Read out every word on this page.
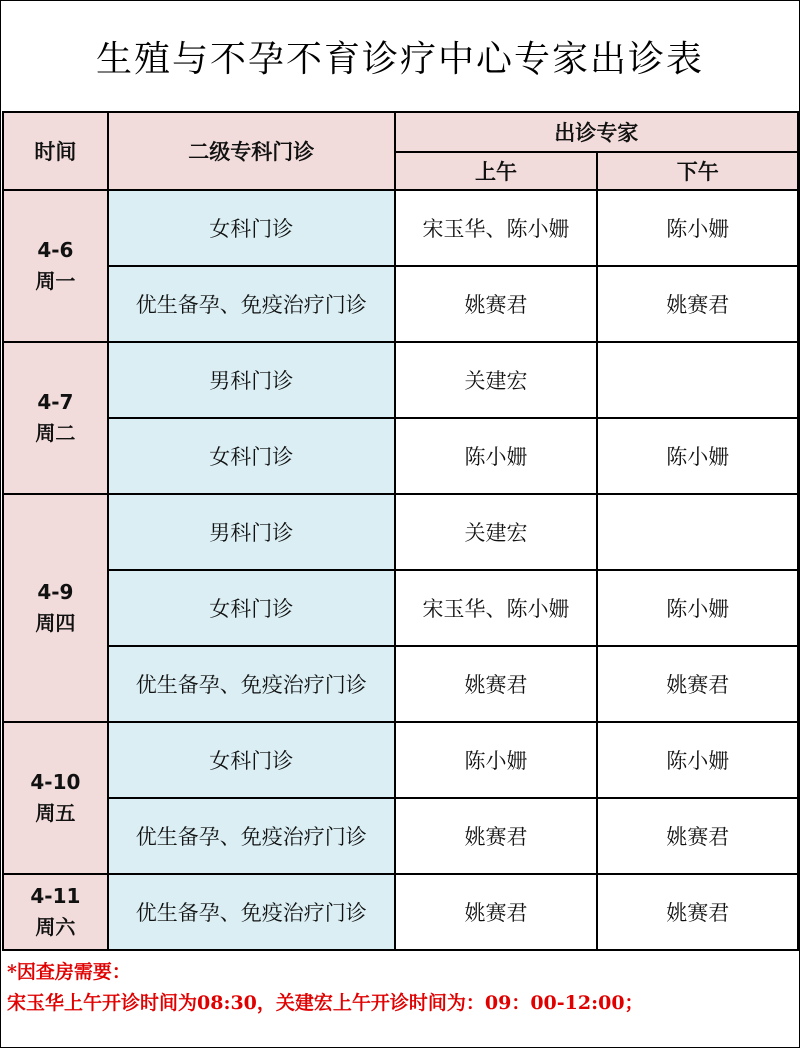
生殖与不孕不育诊疗中心专家出诊表
时间	二级专科门诊	出诊专家	
		上午	下午

4-6
周一	女科门诊	宋玉华、陈小姗	陈小姗
	优生备孕、免疫治疗门诊	姚赛君	姚赛君

4-7
周二	男科门诊	关建宏	
	女科门诊	陈小姗	陈小姗

4-9
周四	男科门诊	关建宏	
	女科门诊	宋玉华、陈小姗	陈小姗
	优生备孕、免疫治疗门诊	姚赛君	姚赛君

4-10
周五	女科门诊	陈小姗	陈小姗
	优生备孕、免疫治疗门诊	姚赛君	姚赛君

4-11
周六	优生备孕、免疫治疗门诊	姚赛君	姚赛君
*因查房需要：
宋玉华上午开诊时间为08:30，关建宏上午开诊时间为：09：00-12:00；
